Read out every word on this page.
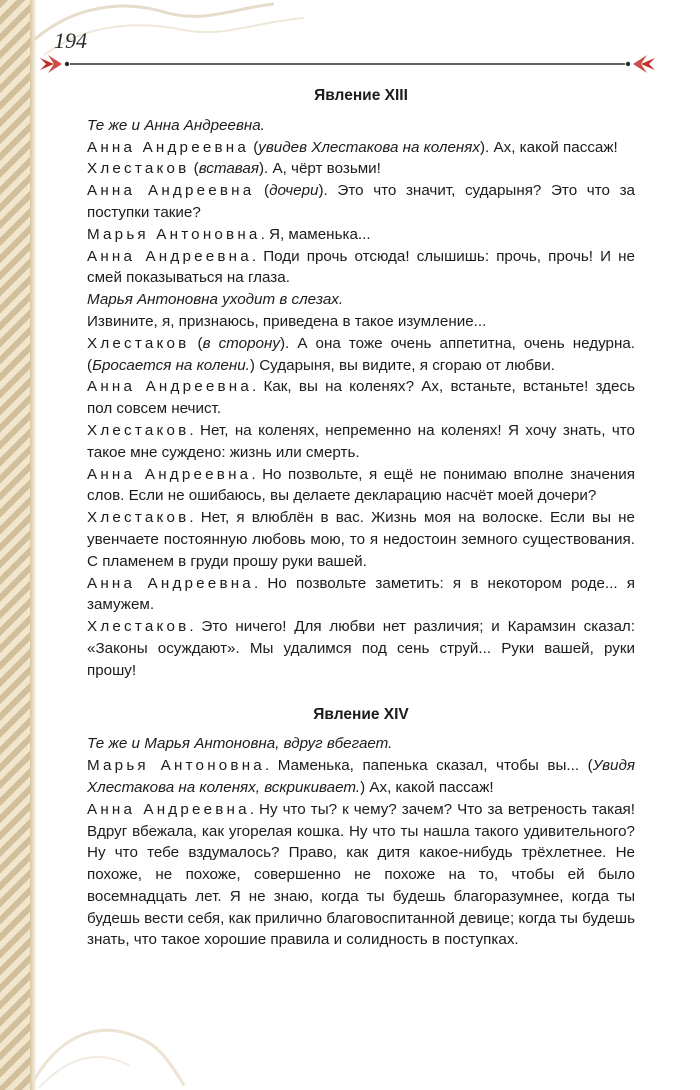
194
Явление XIII

Те же и Анна Андреевна.

Анна Андреевна (увидев Хлестакова на коленях). Ах, какой пассаж!

Хлестаков (вставая). А, чёрт возьми!

Анна Андреевна (дочери). Это что значит, сударыня? Это что за поступки такие?

Марья Антоновна. Я, маменька...

Анна Андреевна. Поди прочь отсюда! слышишь: прочь, прочь! И не смей показываться на глаза.

Марья Антоновна уходит в слезах.

Извините, я, признаюсь, приведена в такое изумление...

Хлестаков (в сторону). А она тоже очень аппетитна, очень недурна. (Бросается на колени.) Сударыня, вы видите, я сгораю от любви.

Анна Андреевна. Как, вы на коленях? Ах, встаньте, встаньте! здесь пол совсем нечист.

Хлестаков. Нет, на коленях, непременно на коленях! Я хочу знать, что такое мне суждено: жизнь или смерть.

Анна Андреевна. Но позвольте, я ещё не понимаю вполне значения слов. Если не ошибаюсь, вы делаете декларацию насчёт моей дочери?

Хлестаков. Нет, я влюблён в вас. Жизнь моя на волоске. Если вы не увенчаете постоянную любовь мою, то я недостоин земного существования. С пламенем в груди прошу руки вашей.

Анна Андреевна. Но позвольте заметить: я в некотором роде... я замужем.

Хлестаков. Это ничего! Для любви нет различия; и Карамзин сказал: «Законы осуждают». Мы удалимся под сень струй... Руки вашей, руки прошу!

Явление XIV

Те же и Марья Антоновна, вдруг вбегает.

Марья Антоновна. Маменька, папенька сказал, чтобы вы... (Увидя Хлестакова на коленях, вскрикивает.) Ах, какой пассаж!

Анна Андреевна. Ну что ты? к чему? зачем? Что за ветреность такая! Вдруг вбежала, как угорелая кошка. Ну что ты нашла такого удивительного? Ну что тебе вздумалось? Право, как дитя какое-нибудь трёхлетнее. Не похоже, не похоже, совершенно не похоже на то, чтобы ей было восемнадцать лет. Я не знаю, когда ты будешь благоразумнее, когда ты будешь вести себя, как прилично благовоспитанной девице; когда ты будешь знать, что такое хорошие правила и солидность в поступках.
